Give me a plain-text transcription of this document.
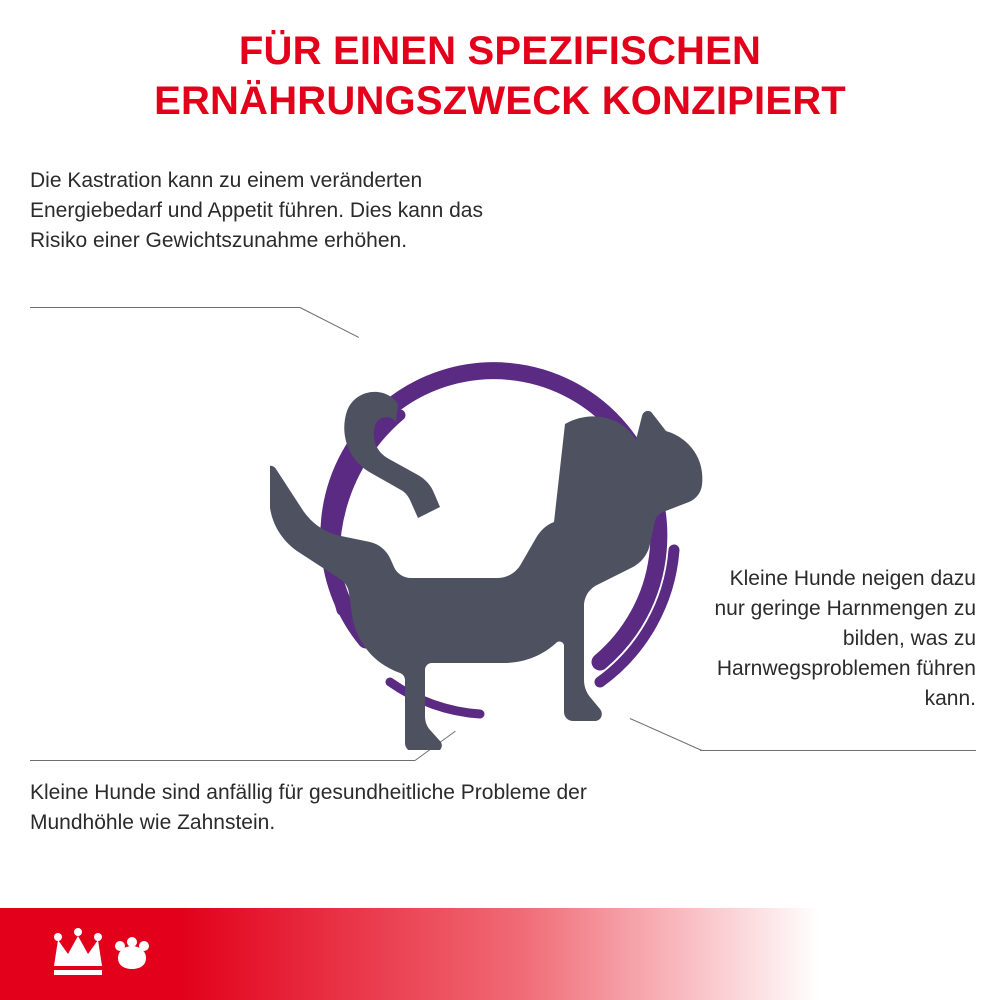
FÜR EINEN SPEZIFISCHEN
ERNÄHRUNGSZWECK KONZIPIERT
Die Kastration kann zu einem veränderten Energiebedarf und Appetit führen. Dies kann das Risiko einer Gewichtszunahme erhöhen.
Kleine Hunde neigen dazu nur geringe Harnmengen zu bilden, was zu Harnwegsproblemen führen kann.
Kleine Hunde sind anfällig für gesundheitliche Probleme der Mundhöhle wie Zahnstein.
